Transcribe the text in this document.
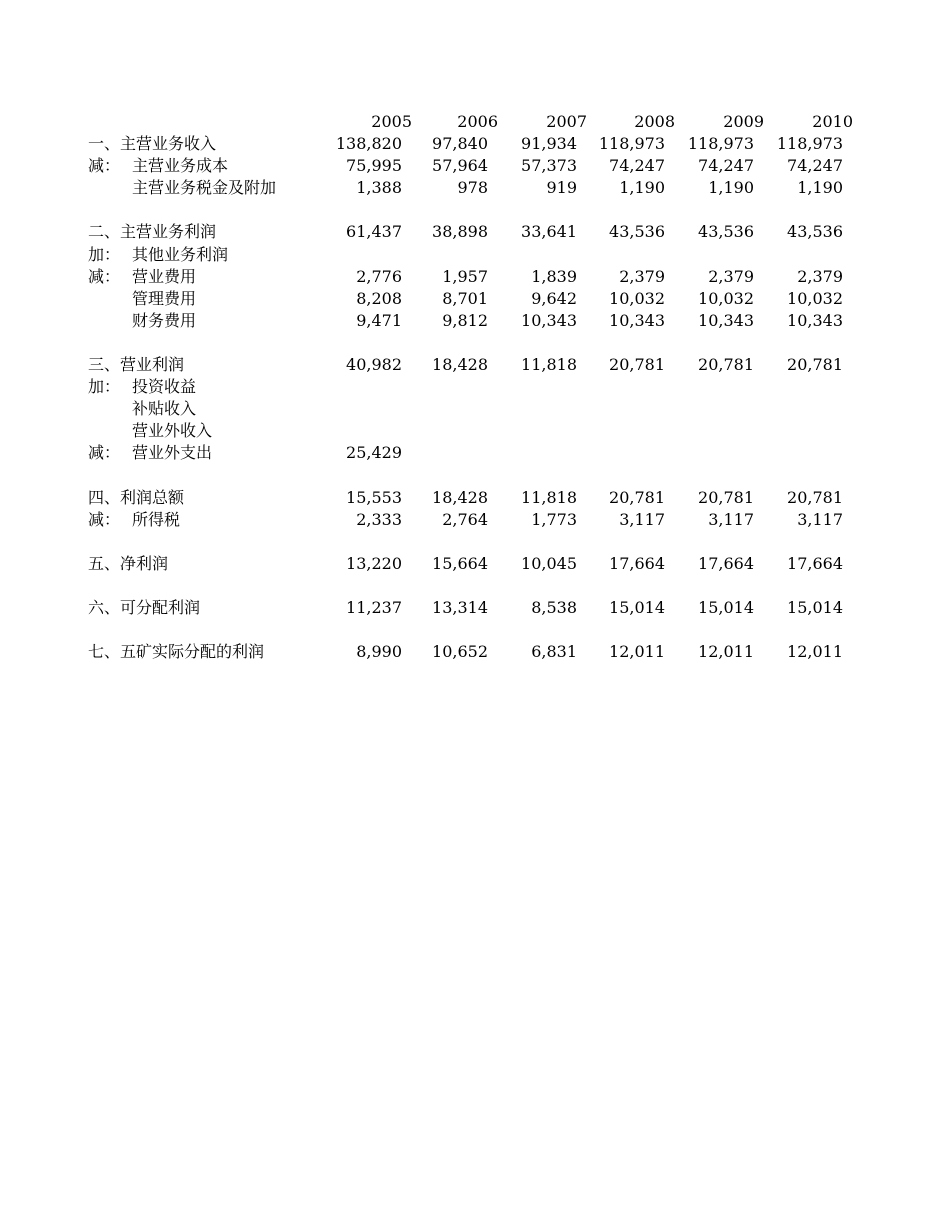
	2005	2006	2007	2008	2009	2010
一、主营业务收入	138,820	97,840	91,934	118,973	118,973	118,973
减： 主营业务成本	75,995	57,964	57,373	74,247	74,247	74,247
主营业务税金及附加	1,388	978	919	1,190	1,190	1,190

二、主营业务利润	61,437	38,898	33,641	43,536	43,536	43,536
加： 其他业务利润						
减： 营业费用	2,776	1,957	1,839	2,379	2,379	2,379
管理费用	8,208	8,701	9,642	10,032	10,032	10,032
财务费用	9,471	9,812	10,343	10,343	10,343	10,343

三、营业利润	40,982	18,428	11,818	20,781	20,781	20,781
加： 投资收益						
补贴收入						
营业外收入						
减： 营业外支出	25,429					

四、利润总额	15,553	18,428	11,818	20,781	20,781	20,781
减： 所得税	2,333	2,764	1,773	3,117	3,117	3,117

五、净利润	13,220	15,664	10,045	17,664	17,664	17,664

六、可分配利润	11,237	13,314	8,538	15,014	15,014	15,014

七、五矿实际分配的利润	8,990	10,652	6,831	12,011	12,011	12,011
